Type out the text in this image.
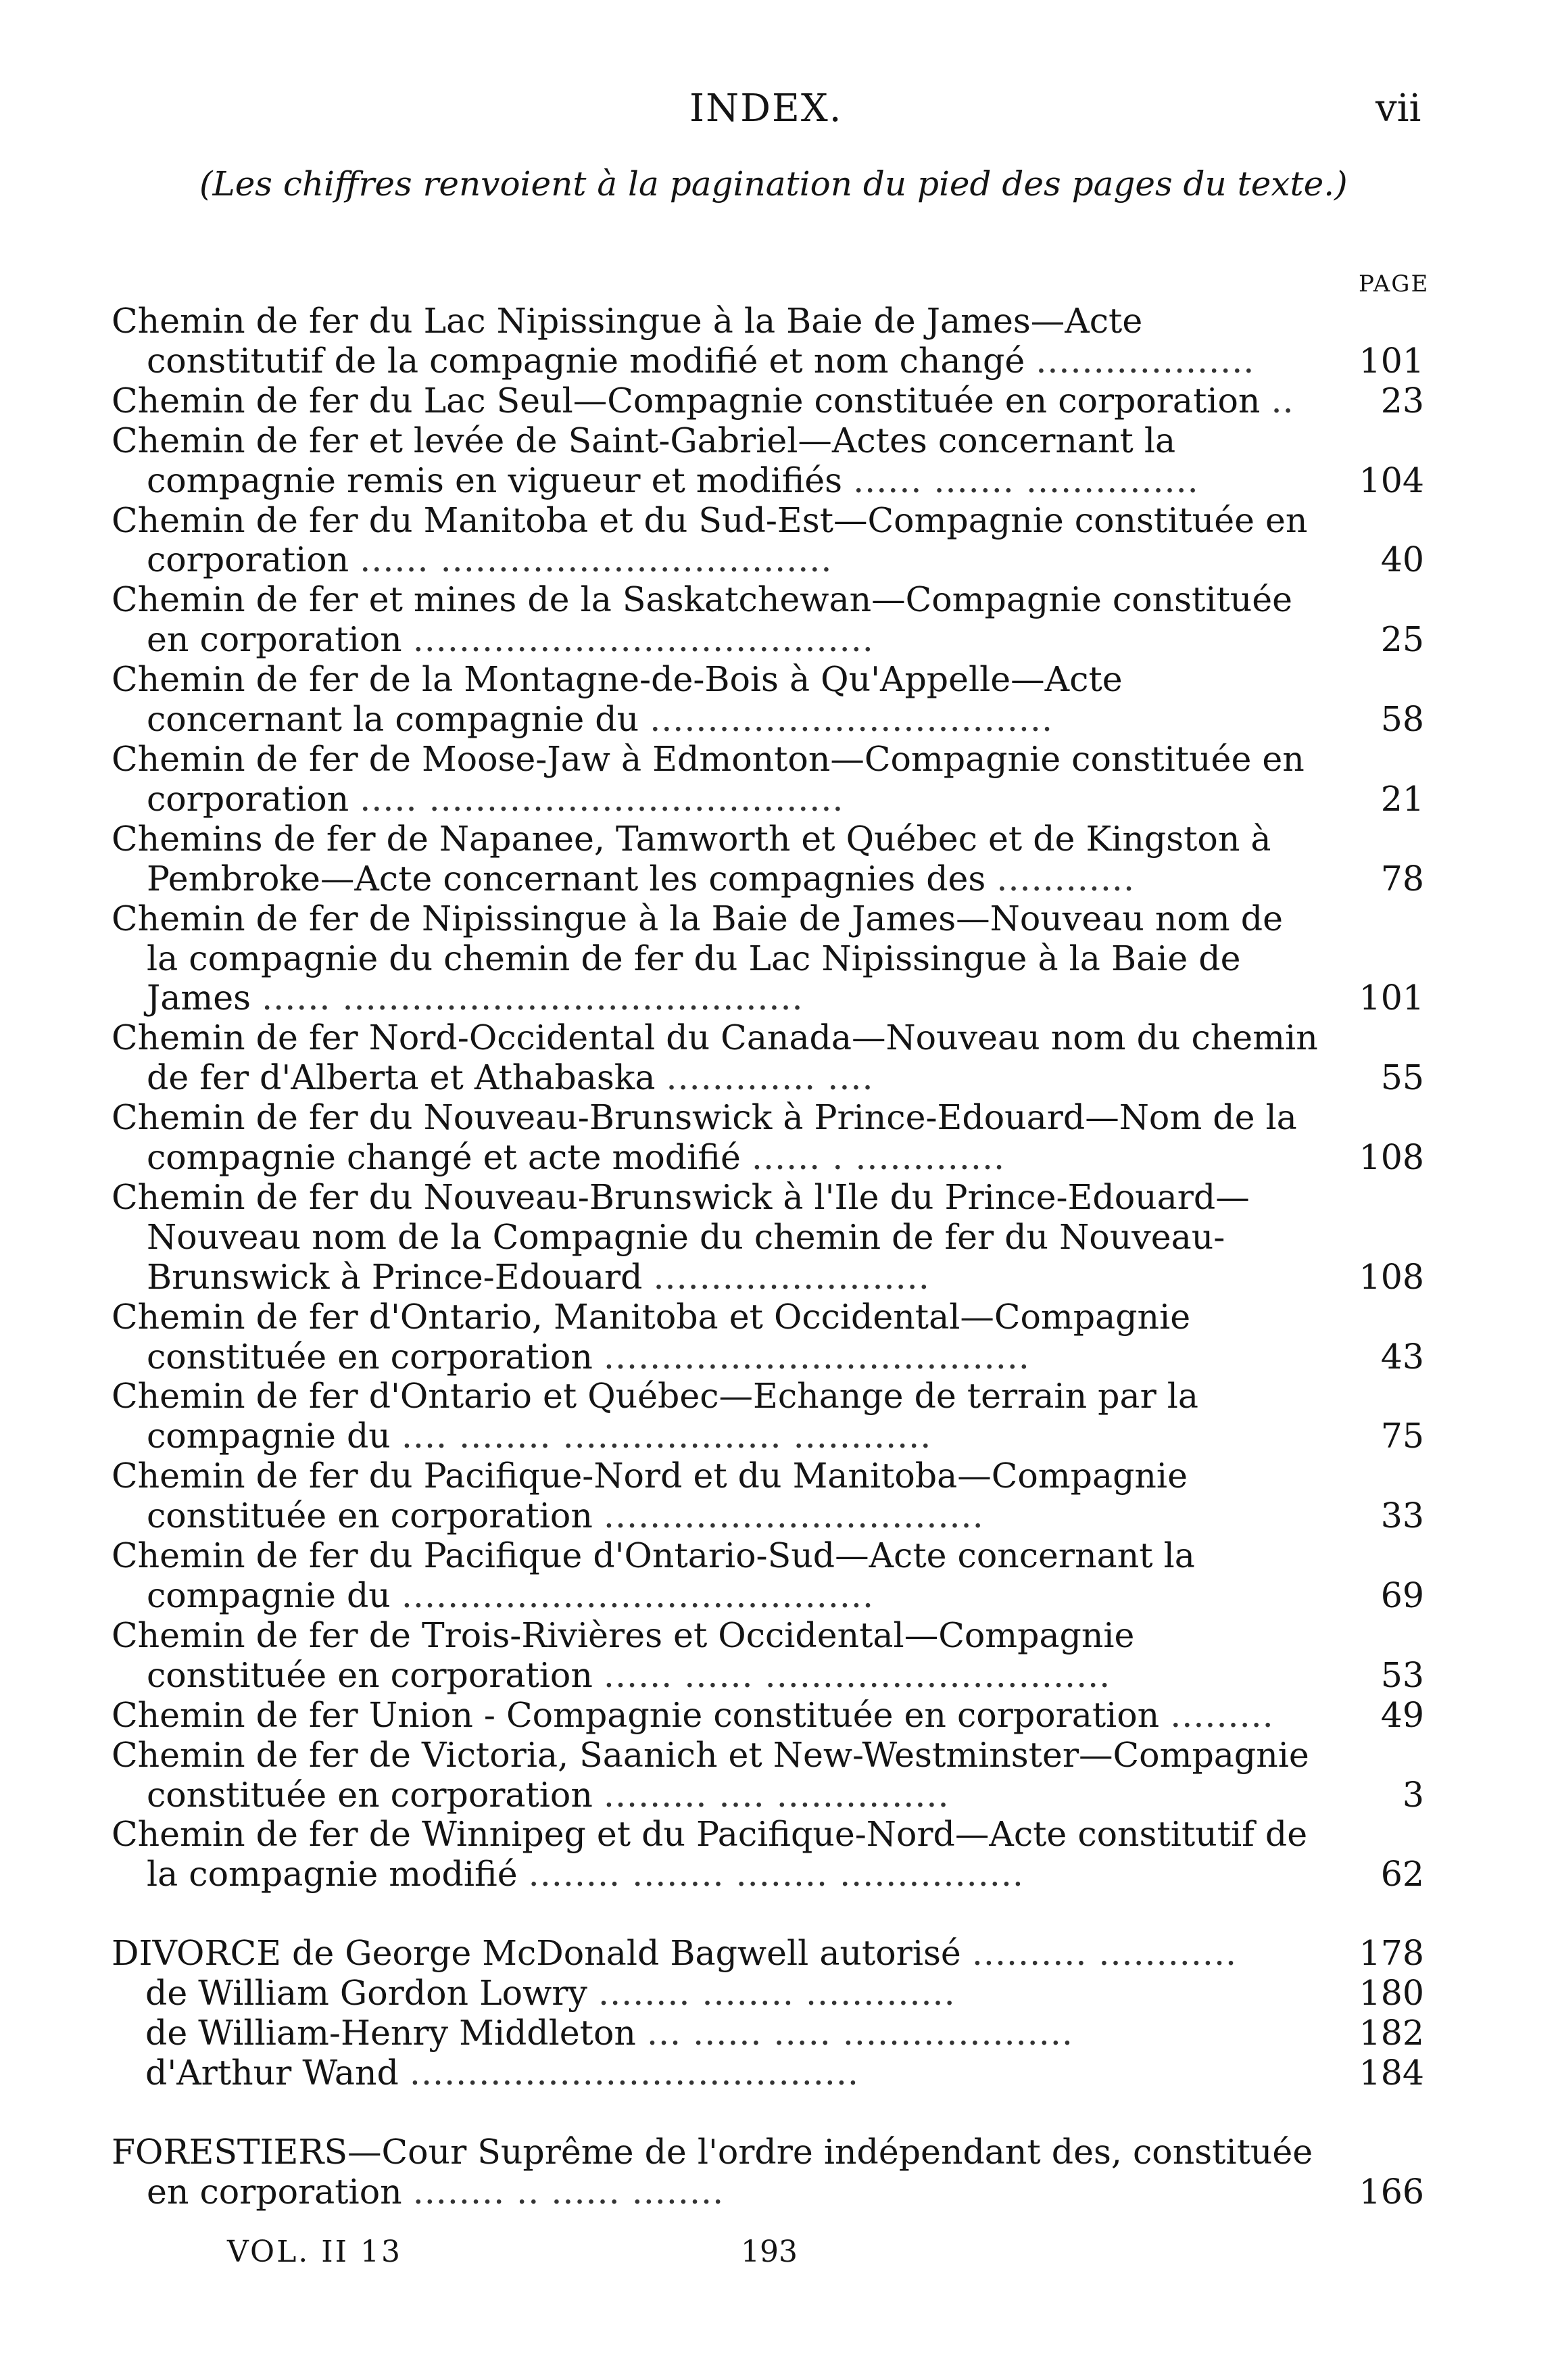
INDEX.	vii
(Les chiffres renvoient à la pagination du pied des pages du texte.)
PAGE
Chemin de fer du Lac Nipissingue à la Baie de James—Acte constitutif de la compagnie modifié et nom changé ...................	101
Chemin de fer du Lac Seul—Compagnie constituée en corporation ..	23
Chemin de fer et levée de Saint-Gabriel—Actes concernant la compagnie remis en vigueur et modifiés ...... ....... ...............	104
Chemin de fer du Manitoba et du Sud-Est—Compagnie constituée en corporation ...... ..................................	40
Chemin de fer et mines de la Saskatchewan—Compagnie constituée en corporation ........................................	25
Chemin de fer de la Montagne-de-Bois à Qu'Appelle—Acte concernant la compagnie du ...................................	58
Chemin de fer de Moose-Jaw à Edmonton—Compagnie constituée en corporation ..... ....................................	21
Chemins de fer de Napanee, Tamworth et Québec et de Kingston à Pembroke—Acte concernant les compagnies des ............	78
Chemin de fer de Nipissingue à la Baie de James—Nouveau nom de la compagnie du chemin de fer du Lac Nipissingue à la Baie de James ...... ........................................	101
Chemin de fer Nord-Occidental du Canada—Nouveau nom du chemin de fer d'Alberta et Athabaska ............. ....	55
Chemin de fer du Nouveau-Brunswick à Prince-Edouard—Nom de la compagnie changé et acte modifié ...... . .............	108
Chemin de fer du Nouveau-Brunswick à l'Ile du Prince-Edouard—Nouveau nom de la Compagnie du chemin de fer du Nouveau-Brunswick à Prince-Edouard ........................	108
Chemin de fer d'Ontario, Manitoba et Occidental—Compagnie constituée en corporation .....................................	43
Chemin de fer d'Ontario et Québec—Echange de terrain par la compagnie du .... ........ ................... ............	75
Chemin de fer du Pacifique-Nord et du Manitoba—Compagnie constituée en corporation .................................	33
Chemin de fer du Pacifique d'Ontario-Sud—Acte concernant la compagnie du .........................................	69
Chemin de fer de Trois-Rivières et Occidental—Compagnie constituée en corporation ...... ...... ..............................	53
Chemin de fer Union - Compagnie constituée en corporation .........	49
Chemin de fer de Victoria, Saanich et New-Westminster—Compagnie constituée en corporation ......... .... ...............	3
Chemin de fer de Winnipeg et du Pacifique-Nord—Acte constitutif de la compagnie modifié ........ ........ ........ ................	62
DIVORCE de George McDonald Bagwell autorisé .......... ............	178
de William Gordon Lowry ........ ........ .............	180
de William-Henry Middleton ... ...... ..... ....................	182
d'Arthur Wand .......................................	184
FORESTIERS—Cour Suprême de l'ordre indépendant des, constituée en corporation ........ .. ...... ........	166
VOL. II 13	193
